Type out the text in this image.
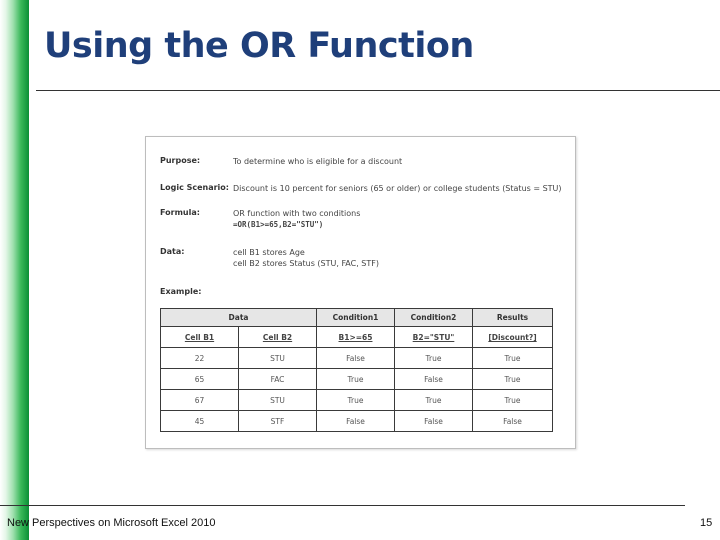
Using the OR Function
Purpose:	To determine who is eligible for a discount
Logic Scenario: Discount is 10 percent for seniors (65 or older) or college students (Status = STU)
Formula:	OR function with two conditions
=OR(B1>=65,B2="STU")
Data:	cell B1 stores Age
cell B2 stores Status (STU, FAC, STF)
Example:
Data		Condition1	Condition2	Results
Cell B1	Cell B2	B1>=65	B2="STU"	[Discount?]
22	STU	False	True	True
65	FAC	True	False	True
67	STU	True	True	True
45	STF	False	False	False
New Perspectives on Microsoft Excel 2010	15
